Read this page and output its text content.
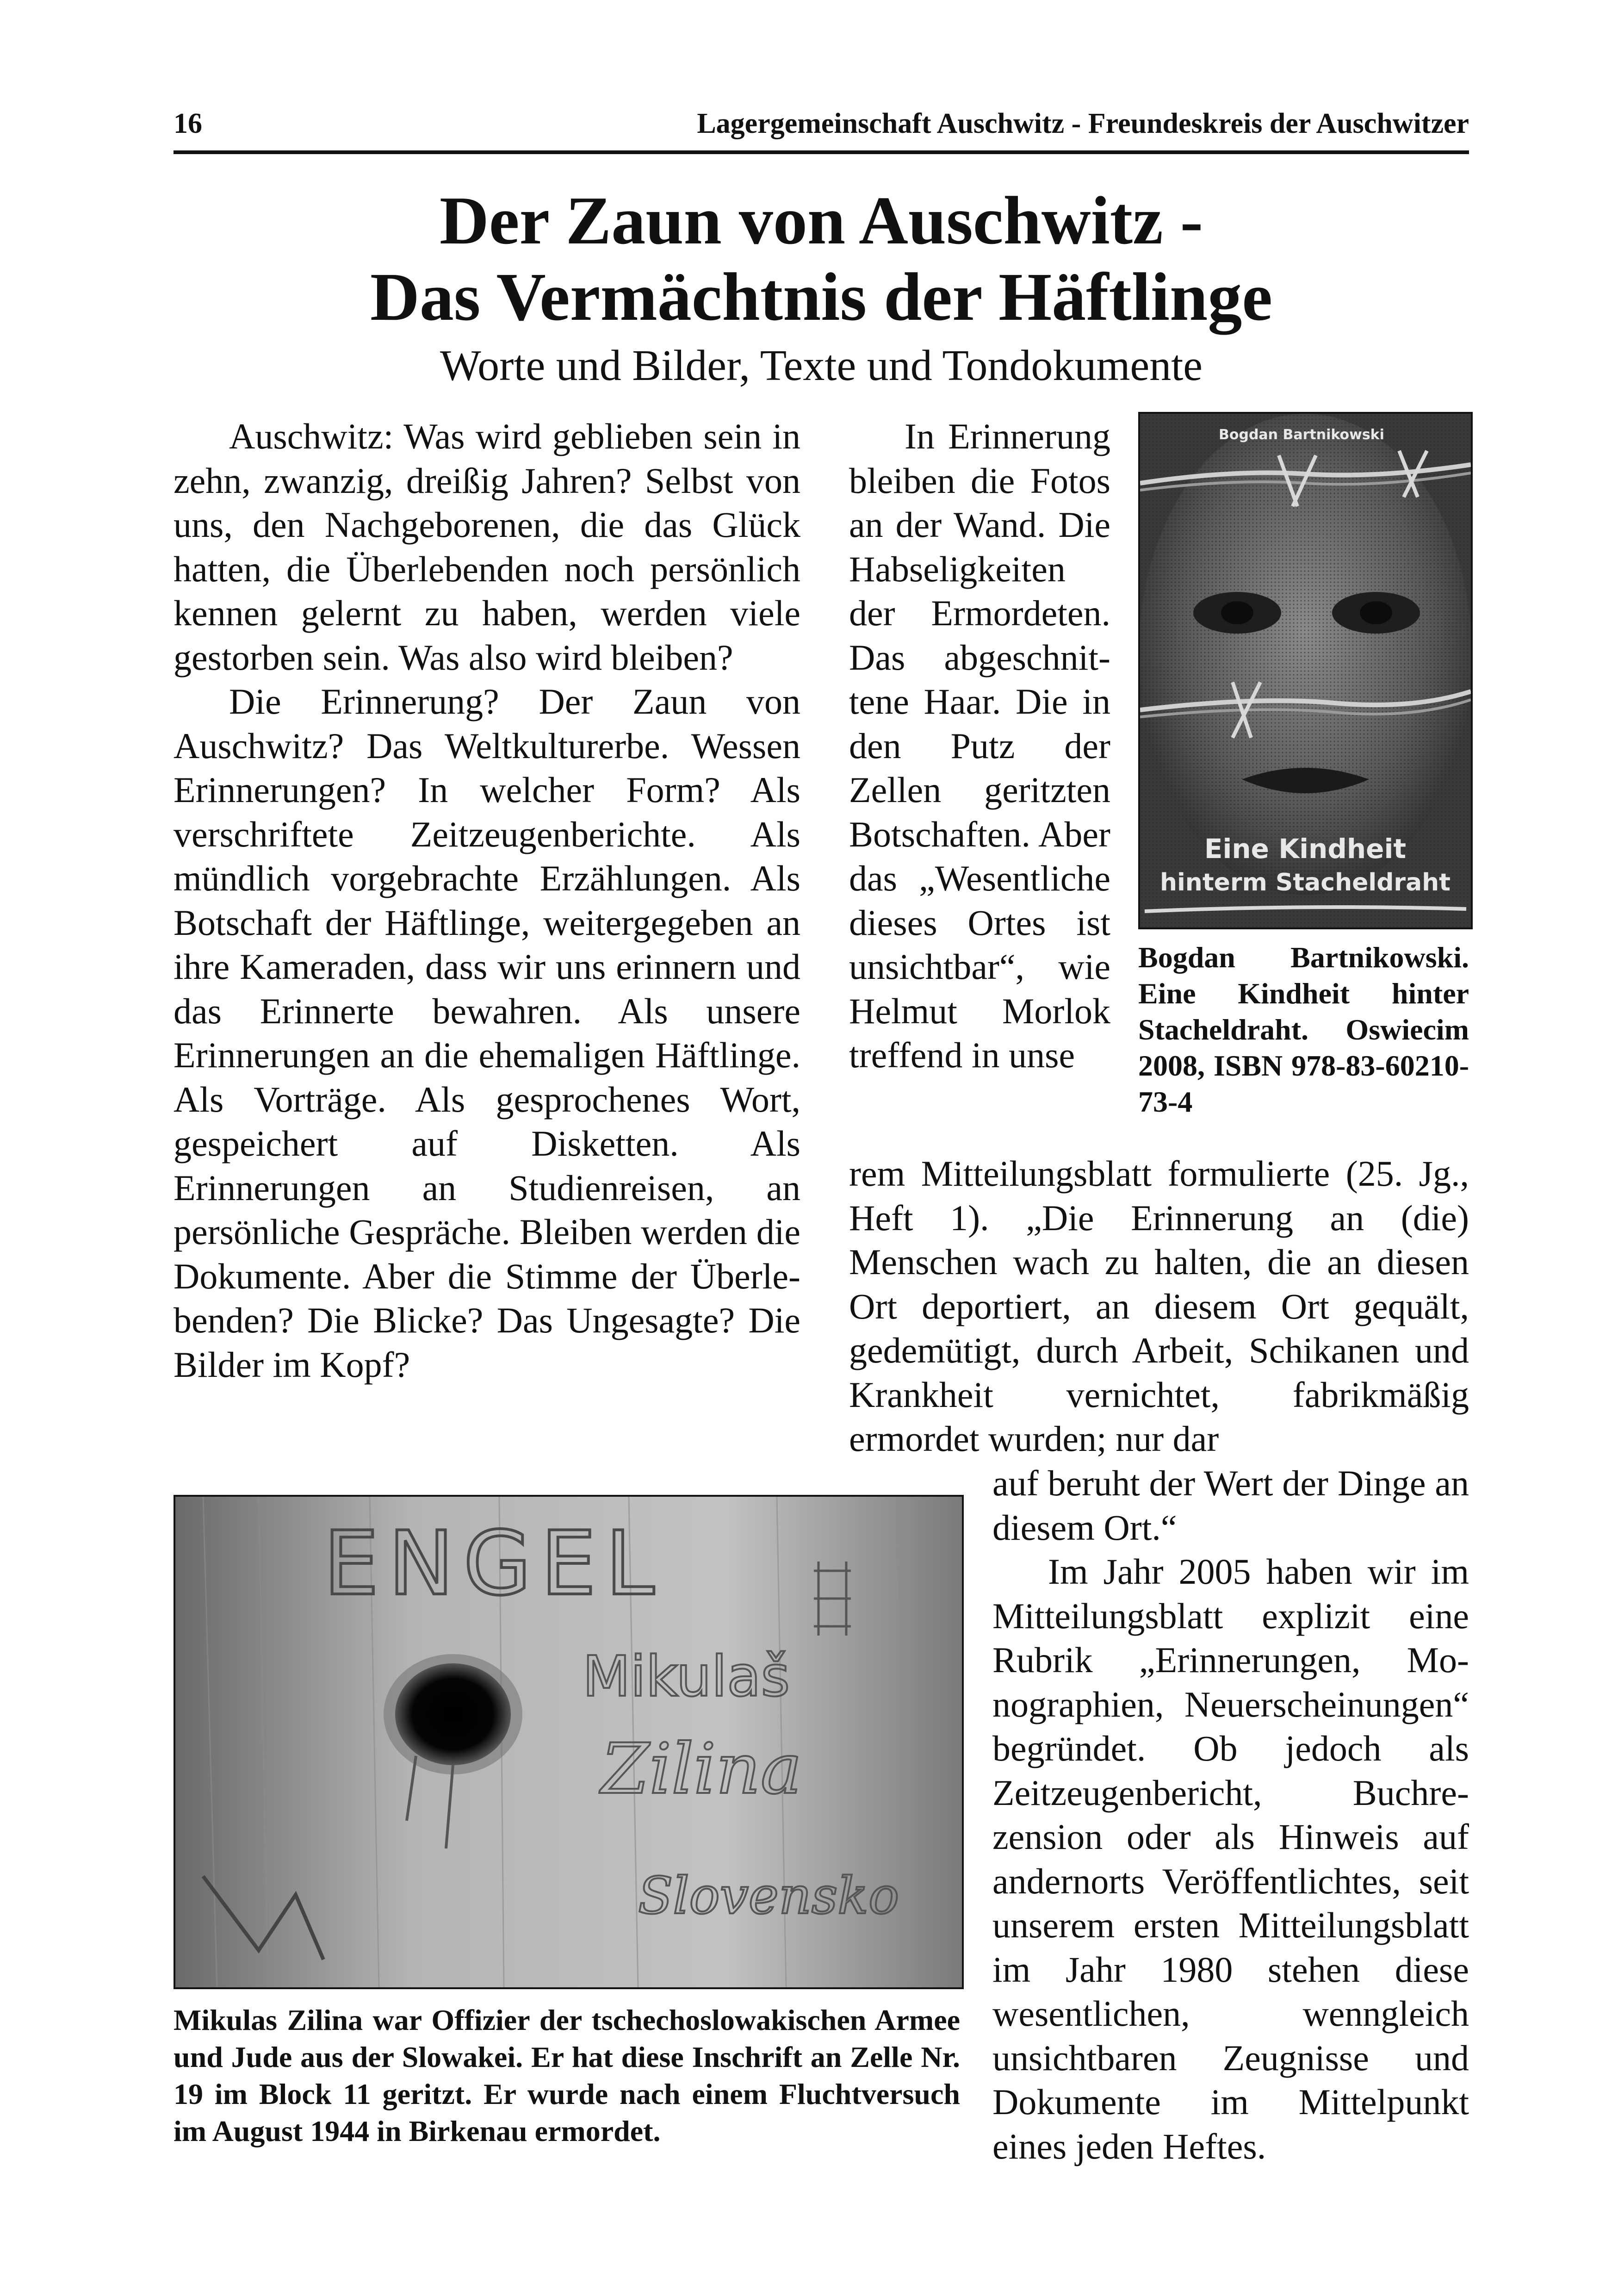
16	Lagergemeinschaft Auschwitz - Freundeskreis der Auschwitzer
Der Zaun von Auschwitz -
Das Vermächtnis der Häftlinge
Worte und Bilder, Texte und Tondokumente

Auschwitz: Was wird geblieben sein in zehn, zwanzig, dreißig Jahren? Selbst von uns, den Nachgeborenen, die das Glück hatten, die Überlebenden noch persönlich kennen gelernt zu haben, werden viele gestorben sein. Was also wird bleiben?

Die Erinnerung? Der Zaun von Auschwitz? Das Weltkulturerbe. Wessen Erinnerungen? In welcher Form? Als verschriftete Zeitzeugenberichte. Als mündlich vorgebrachte Erzählungen. Als Botschaft der Häftlinge, weitergegeben an ihre Kameraden, dass wir uns erinnern und das Erinnerte bewahren. Als unsere Erinnerungen an die ehemaligen Häftlinge. Als Vorträge. Als gesprochenes Wort, gespeichert auf Disketten. Als Erinnerungen an Studienreisen, an persönliche Gespräche. Bleiben werden die Dokumente. Aber die Stimme der Überlebenden? Die Blicke? Das Ungesagte? Die Bilder im Kopf?

In Erinnerung bleiben die Fotos an der Wand. Die Habseligkeiten der Ermordeten. Das abgeschnittene Haar. Die in den Putz der Zellen geritzten Botschaften. Aber das „Wesentliche dieses Ortes ist unsichtbar“, wie Helmut Morlok treffend in unse

Bogdan Bartnikowski
Eine Kindheit
hinterm Stacheldraht
Bogdan Bartnikowski. Eine Kindheit hinter Stacheldraht. Oswiecim 2008, ISBN 978-83-60210-73-4

rem Mitteilungsblatt formulierte (25. Jg., Heft 1). „Die Erinnerung an (die) Menschen wach zu halten, die an diesen Ort deportiert, an diesem Ort gequält, gedemütigt, durch Arbeit, Schikanen und Krankheit vernichtet, fabrikmäßig ermordet wurden; nur dar

auf beruht der Wert der Dinge an diesem Ort.“

Im Jahr 2005 haben wir im Mitteilungsblatt explizit eine Rubrik „Erinnerungen, Monographien, Neuerscheinungen“ begründet. Ob jedoch als Zeitzeugenbericht, Buchrezension oder als Hinweis auf andernorts Veröffentlichtes, seit unserem ersten Mitteilungsblatt im Jahr 1980 stehen diese wesentlichen, wenngleich unsichtbaren Zeugnisse und Dokumente im Mittelpunkt eines jeden Heftes.

ENGEL
Mikulaš
Zilina
Slovensko
Mikulas Zilina war Offizier der tschechoslowakischen Armee und Jude aus der Slowakei. Er hat diese Inschrift an Zelle Nr. 19 im Block 11 geritzt. Er wurde nach einem Fluchtversuch im August 1944 in Birkenau ermordet.
